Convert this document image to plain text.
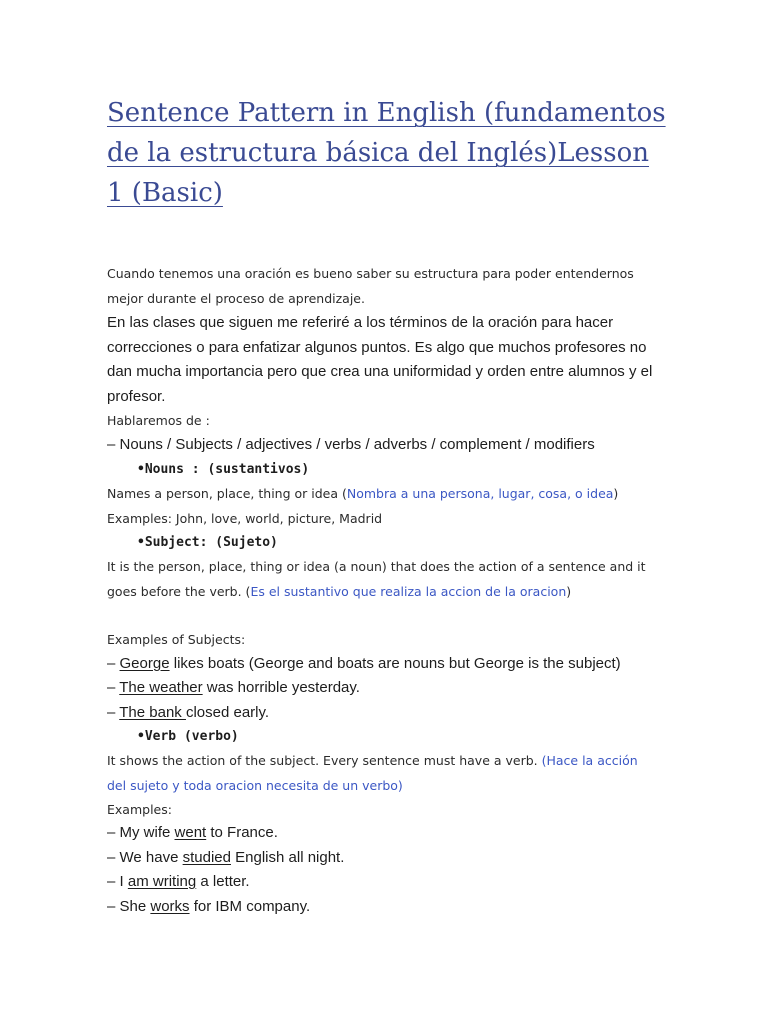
Sentence Pattern in English (fundamentos de la estructura básica del Inglés)Lesson 1 (Basic)

Cuando tenemos una oración es bueno saber su estructura para poder entendernos

mejor durante el proceso de aprendizaje.

En las clases que siguen me referiré a los términos de la oración para hacer

correcciones o para enfatizar algunos puntos. Es algo que muchos profesores no

dan mucha importancia pero que crea una uniformidad y orden entre alumnos y el

profesor.

Hablaremos de :

– Nouns / Subjects / adjectives / verbs / adverbs / complement / modifiers

•Nouns : (sustantivos)

Names a person, place, thing or idea (Nombra a una persona, lugar, cosa, o idea)

Examples: John, love, world, picture, Madrid

•Subject: (Sujeto)

It is the person, place, thing or idea (a noun) that does the action of a sentence and it

goes before the verb. (Es el sustantivo que realiza la accion de la oracion)

Examples of Subjects:

– George likes boats (George and boats are nouns but George is the subject)

– The weather was horrible yesterday.

– The bank closed early.

•Verb (verbo)

It shows the action of the subject. Every sentence must have a verb. (Hace la acción

del sujeto y toda oracion necesita de un verbo)

Examples:

– My wife went to France.

– We have studied English all night.

– I am writing a letter.

– She works for IBM company.
